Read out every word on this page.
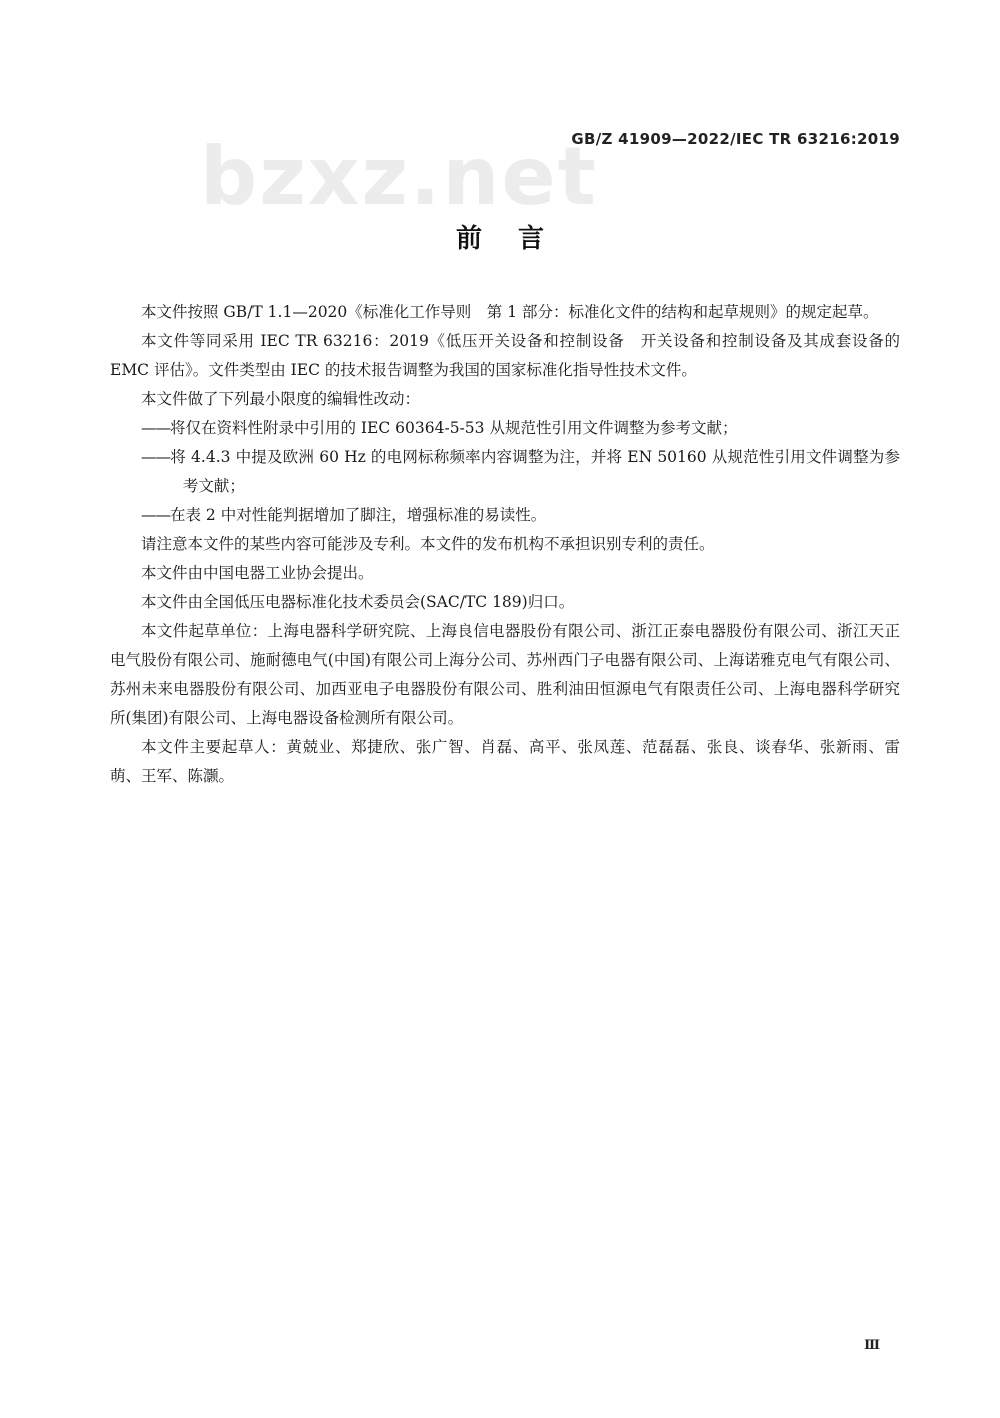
bzxz.net
GB/Z 41909—2022/IEC TR 63216:2019
前言

本文件按照 GB/T 1.1—2020《标准化工作导则　第 1 部分：标准化文件的结构和起草规则》的规定起草。

本文件等同采用 IEC TR 63216：2019《低压开关设备和控制设备　开关设备和控制设备及其成套设备的 EMC 评估》。文件类型由 IEC 的技术报告调整为我国的国家标准化指导性技术文件。

本文件做了下列最小限度的编辑性改动：

——将仅在资料性附录中引用的 IEC 60364-5-53 从规范性引用文件调整为参考文献；

——将 4.4.3 中提及欧洲 60 Hz 的电网标称频率内容调整为注，并将 EN 50160 从规范性引用文件调整为参考文献；

——在表 2 中对性能判据增加了脚注，增强标准的易读性。

请注意本文件的某些内容可能涉及专利。本文件的发布机构不承担识别专利的责任。

本文件由中国电器工业协会提出。

本文件由全国低压电器标准化技术委员会(SAC/TC 189)归口。

本文件起草单位：上海电器科学研究院、上海良信电器股份有限公司、浙江正泰电器股份有限公司、浙江天正电气股份有限公司、施耐德电气(中国)有限公司上海分公司、苏州西门子电器有限公司、上海诺雅克电气有限公司、苏州未来电器股份有限公司、加西亚电子电器股份有限公司、胜利油田恒源电气有限责任公司、上海电器科学研究所(集团)有限公司、上海电器设备检测所有限公司。

本文件主要起草人：黄兢业、郑捷欣、张广智、肖磊、高平、张凤莲、范磊磊、张良、谈春华、张新雨、雷萌、王军、陈灏。

Ⅲ
